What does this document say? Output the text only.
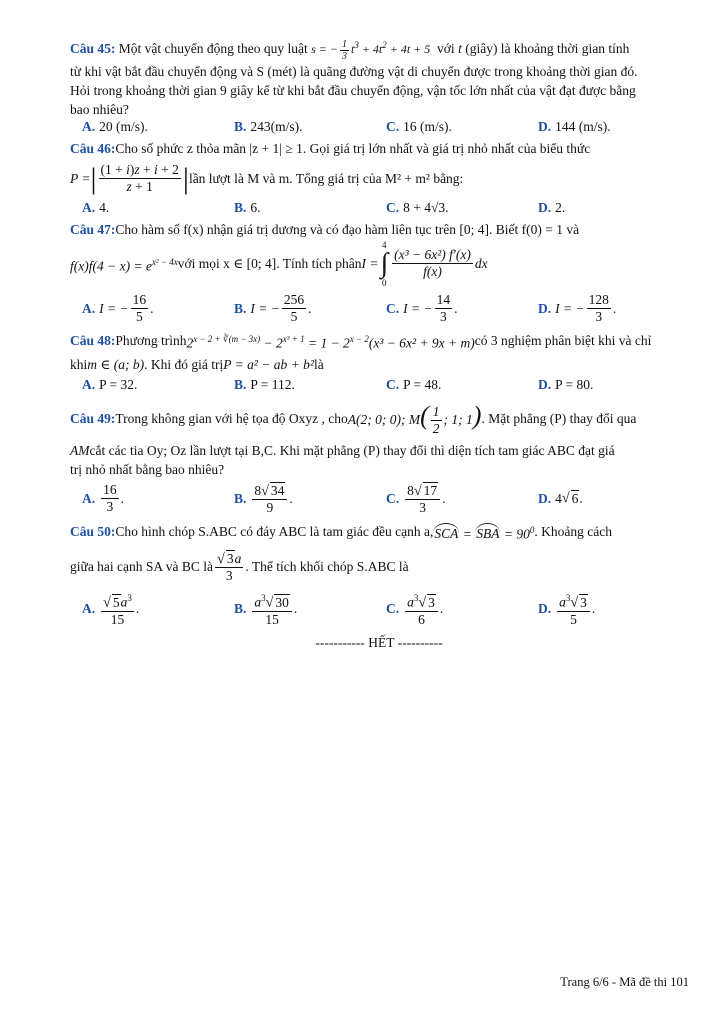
Câu 45: Một vật chuyển động theo quy luật s = − $\frac{1}{3} t^3 + 4t^2 + 4t + 5$ với t (giây) là khoảng thời gian tính

từ khi vật bắt đầu chuyển động và S (mét) là quãng đường vật di chuyển được trong khoảng thời gian đó.

Hỏi trong khoảng thời gian 9 giây kể từ khi bắt đầu chuyển động, vận tốc lớn nhất của vật đạt được bằng

bao nhiêu?

A. 20 (m/s).	B. 243(m/s).	C. 16 (m/s).	D. 144 (m/s).
Câu 46: Cho số phức z thỏa mãn |z + 1| ≥ 1. Gọi giá trị lớn nhất và giá trị nhỏ nhất của biểu thức
P = | $\frac{(1 + i)z + i + 2}{z + 1}$ | lần lượt là M và m. Tổng giá trị của M² + m² bằng:
A. 4.	B. 6.	C. 8 + 4√3.	D. 2.
Câu 47: Cho hàm số f(x) nhận giá trị dương và có đạo hàm liên tục trên [0; 4]. Biết f(0) = 1 và
$f(x)f(4 - x) = e^{x^2 - 4x}$ với mọi x ∈ [0; 4]. Tính tích phân I =
4
∫
0
$\frac{\text{(x³ − 6x²) f′(x)}}{f(x)}$ dx
A. I = − $\frac{16}{5}$ .	B. I = − $\frac{256}{5}$ .	C. I = − $\frac{14}{3}$ .	D. I = − $\frac{128}{3}$ .
Câu 48: Phương trình $2^{x - 2 + ∛(m - 3x)} - 2^{x^3 + 1} = 1 - 2^{x - 2}(x^3 - 6x^2 + 9x + m)$ có 3 nghiệm phân biệt khi và chỉ
khi m ∈ (a; b) . Khi đó giá trị P = a² − ab + b² là
A. P = 32.	B. P = 112.	C. P = 48.	D. P = 80.
Câu 49: Trong không gian với hệ tọa độ Oxyz , cho A(2; 0; 0); $M( \frac{1}{2}$ ; 1; 1) . Mặt phẳng (P) thay đổi qua
AM cắt các tia Oy; Oz lần lượt tại B,C. Khi mặt phẳng (P) thay đổi thì diện tích tam giác ABC đạt giá

trị nhỏ nhất bằng bao nhiêu?

A. $\frac{16}{3}$ .	B. $\frac{8√ 34}{9}$ .	C. $\frac{8√ 17}{3}$ .	D. 4 √ 6 .
Câu 50: Cho hình chóp S.ABC có đáy ABC là tam giác đều cạnh a, SCA = SBA = $90^0$ . Khoảng cách
giữa hai cạnh SA và BC là $\frac{√ 3a}{3}$ . Thể tích khối chóp S.ABC là
A. $\frac{√ 5a^3}{15}$ .	B. $\frac{a^3√ 30}{15}$ .	C. $\frac{a^3√ 3}{6}$ .	D. $\frac{a^3√ 3}{5}$ .
----------- HẾT ----------
Trang 6/6 - Mã đề thi 101
